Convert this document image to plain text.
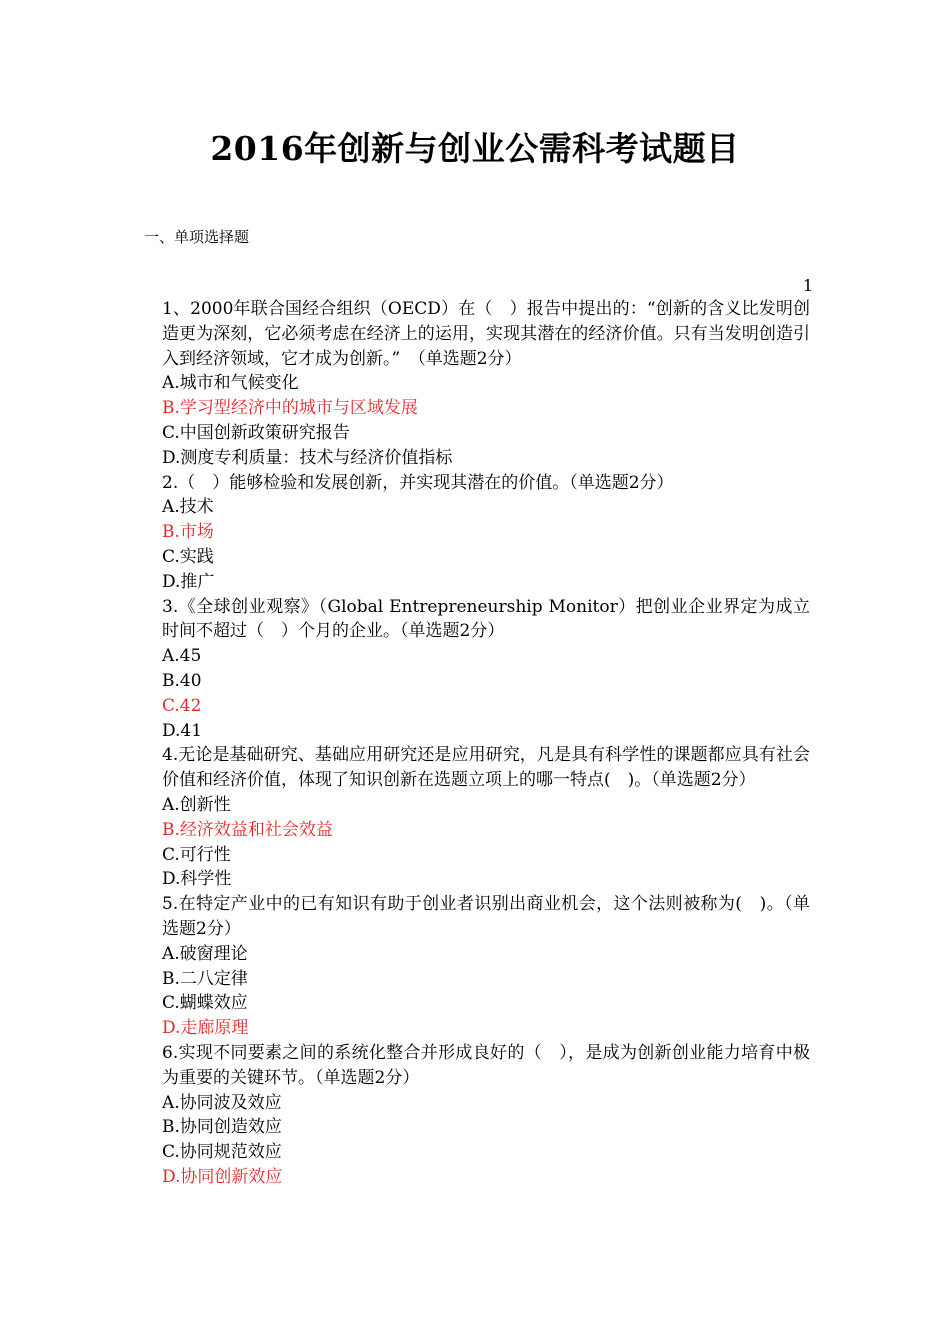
2016年创新与创业公需科考试题目
一、单项选择题
1

1、2000年联合国经合组织（OECD）在（　）报告中提出的：“创新的含义比发明创造更为深刻，它必须考虑在经济上的运用，实现其潜在的经济价值。只有当发明创造引入到经济领域，它才成为创新。”　（单选题2分）

A.城市和气候变化
B.学习型经济中的城市与区域发展
C.中国创新政策研究报告
D.测度专利质量：技术与经济价值指标

2.（　）能够检验和发展创新，并实现其潜在的价值。（单选题2分）

A.技术
B.市场
C.实践
D.推广

3.《全球创业观察》（Global Entrepreneurship Monitor）把创业企业界定为成立时间不超过（　）个月的企业。（单选题2分）

A.45
B.40
C.42
D.41

4.无论是基础研究、基础应用研究还是应用研究，凡是具有科学性的课题都应具有社会价值和经济价值，体现了知识创新在选题立项上的哪一特点(　)。（单选题2分）

A.创新性
B.经济效益和社会效益
C.可行性
D.科学性

5.在特定产业中的已有知识有助于创业者识别出商业机会，这个法则被称为(　)。（单选题2分）

A.破窗理论
B.二八定律
C.蝴蝶效应
D.走廊原理

6.实现不同要素之间的系统化整合并形成良好的（　），是成为创新创业能力培育中极为重要的关键环节。（单选题2分）

A.协同波及效应
B.协同创造效应
C.协同规范效应
D.协同创新效应
